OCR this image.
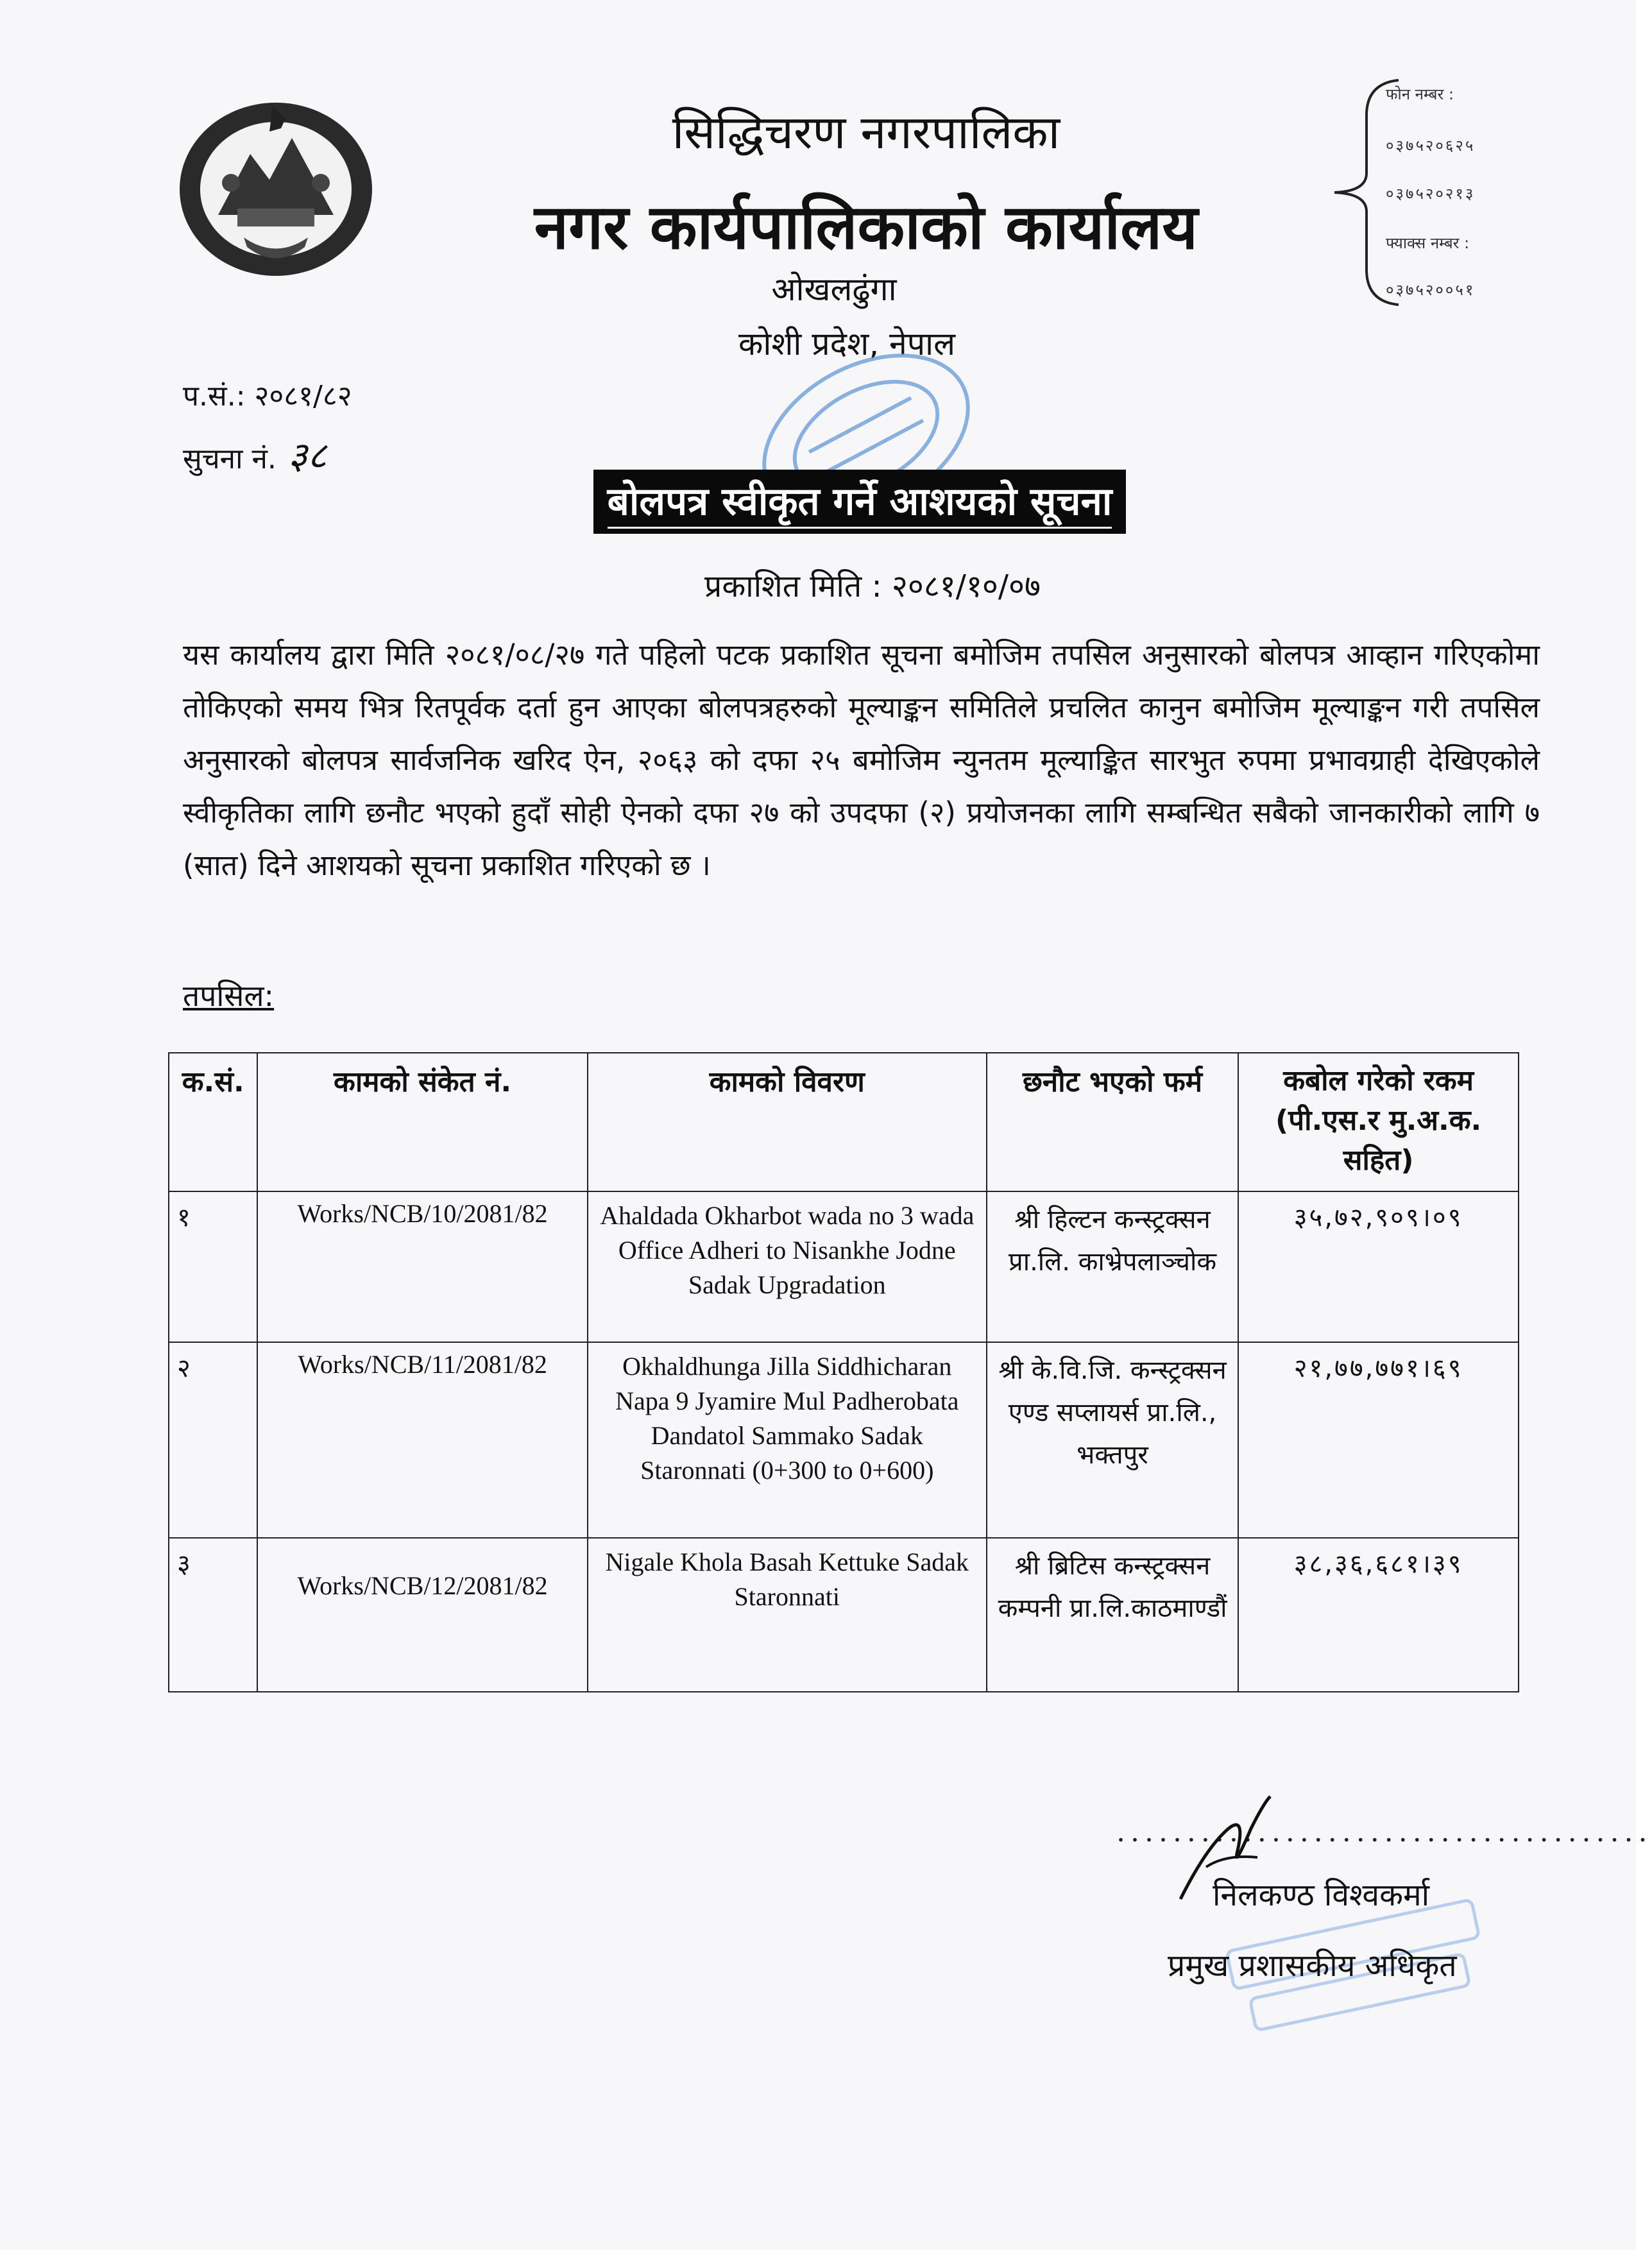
सिद्धिचरण नगरपालिका
नगर कार्यपालिकाको कार्यालय
ओखलढुंगा
कोशी प्रदेश, नेपाल
फोन नम्बर :
०३७५२०६२५
०३७५२०२१३
फ्याक्स नम्बर :
०३७५२००५१
प.सं.: २०८१/८२
सुचना नं. ३८
बोलपत्र स्वीकृत गर्ने आशयको सूचना
प्रकाशित मिति : २०८१/१०/०७
यस कार्यालय द्वारा मिति २०८१/०८/२७ गते पहिलो पटक प्रकाशित सूचना बमोजिम तपसिल अनुसारको बोलपत्र आव्हान गरिएकोमा तोकिएको समय भित्र रितपूर्वक दर्ता हुन आएका बोलपत्रहरुको मूल्याङ्कन समितिले प्रचलित कानुन बमोजिम मूल्याङ्कन गरी तपसिल अनुसारको बोलपत्र सार्वजनिक खरिद ऐन, २०६३ को दफा २५ बमोजिम न्युनतम मूल्याङ्कित सारभुत रुपमा प्रभावग्राही देखिएकोले स्वीकृतिका लागि छनौट भएको हुदाँ सोही ऐनको दफा २७ को उपदफा (२) प्रयोजनका लागि सम्बन्धित सबैको जानकारीको लागि ७ (सात) दिने आशयको सूचना प्रकाशित गरिएको छ ।
तपसिल:
क.सं.	कामको संकेत नं.	कामको विवरण	छनौट भएको फर्म	कबोल गरेको रकम (पी.एस.र मु.अ.क. सहित)
१	Works/NCB/10/2081/82	Ahaldada Okharbot wada no 3 wada Office Adheri to Nisankhe Jodne Sadak Upgradation	श्री हिल्टन कन्स्ट्रक्सन प्रा.लि. काभ्रेपलाञ्चोक	३५,७२,९०९।०९
२	Works/NCB/11/2081/82	Okhaldhunga Jilla Siddhicharan Napa 9 Jyamire Mul Padherobata Dandatol Sammako Sadak Staronnati (0+300 to 0+600)	श्री के.वि.जि. कन्स्ट्रक्सन एण्ड सप्लायर्स प्रा.लि., भक्तपुर	२१,७७,७७१।६९
३	Works/NCB/12/2081/82	Nigale Khola Basah Kettuke Sadak Staronnati	श्री ब्रिटिस कन्स्ट्रक्सन कम्पनी प्रा.लि.काठमाण्डौं	३८,३६,६८१।३९
......................................
निलकण्ठ विश्वकर्मा
प्रमुख प्रशासकीय अधिकृत
